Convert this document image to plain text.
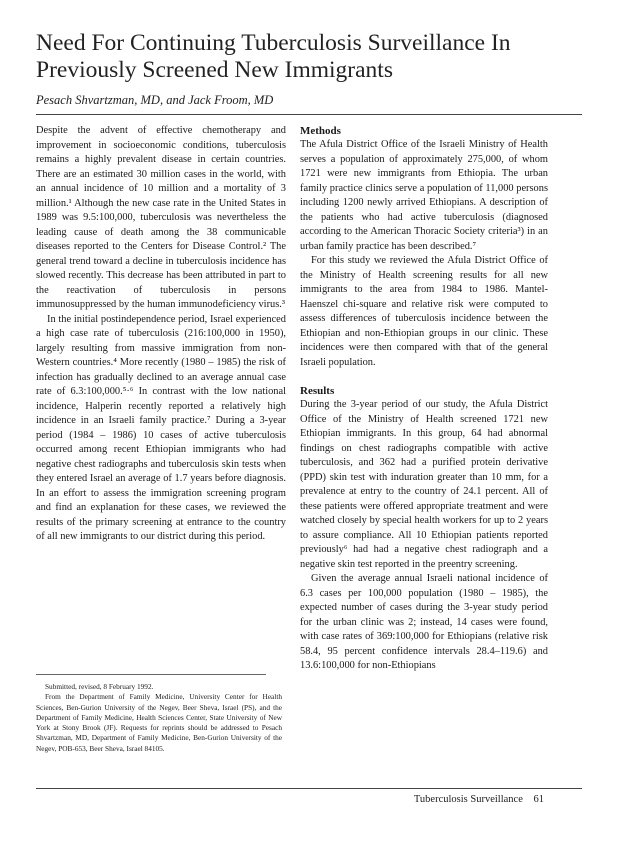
Need For Continuing Tuberculosis Surveillance In Previously Screened New Immigrants

Pesach Shvartzman, MD, and Jack Froom, MD

Despite the advent of effective chemotherapy and improvement in socioeconomic conditions, tuberculosis remains a highly prevalent disease in certain countries. There are an estimated 30 million cases in the world, with an annual incidence of 10 million and a mortality of 3 million.¹ Although the new case rate in the United States in 1989 was 9.5:100,000, tuberculosis was nevertheless the leading cause of death among the 38 communicable diseases reported to the Centers for Disease Control.² The general trend toward a decline in tuberculosis incidence has slowed recently. This decrease has been attributed in part to the reactivation of tuberculosis in persons immunosuppressed by the human immunodeficiency virus.³

In the initial postindependence period, Israel experienced a high case rate of tuberculosis (216:100,000 in 1950), largely resulting from massive immigration from non-Western countries.⁴ More recently (1980 – 1985) the risk of infection has gradually declined to an average annual case rate of 6.3:100,000.⁵·⁶ In contrast with the low national incidence, Halperin recently reported a relatively high incidence in an Israeli family practice.⁷ During a 3-year period (1984 – 1986) 10 cases of active tuberculosis occurred among recent Ethiopian immigrants who had negative chest radiographs and tuberculosis skin tests when they entered Israel an average of 1.7 years before diagnosis. In an effort to assess the immigration screening program and find an explanation for these cases, we reviewed the results of the primary screening at entrance to the country of all new immigrants to our district during this period.

Submitted, revised, 8 February 1992.

From the Department of Family Medicine, University Center for Health Sciences, Ben-Gurion University of the Negev, Beer Sheva, Israel (PS), and the Department of Family Medicine, Health Sciences Center, State University of New York at Stony Brook (JF). Requests for reprints should be addressed to Pesach Shvartzman, MD, Department of Family Medicine, Ben-Gurion University of the Negev, POB-653, Beer Sheva, Israel 84105.

Methods

The Afula District Office of the Israeli Ministry of Health serves a population of approximately 275,000, of whom 1721 were new immigrants from Ethiopia. The urban family practice clinics serve a population of 11,000 persons including 1200 newly arrived Ethiopians. A description of the patients who had active tuberculosis (diagnosed according to the American Thoracic Society criteria³) in an urban family practice has been described.⁷

For this study we reviewed the Afula District Office of the Ministry of Health screening results for all new immigrants to the area from 1984 to 1986. Mantel-Haenszel chi-square and relative risk were computed to assess differences of tuberculosis incidence between the Ethiopian and non-Ethiopian groups in our clinic. These incidences were then compared with that of the general Israeli population.

Results

During the 3-year period of our study, the Afula District Office of the Ministry of Health screened 1721 new Ethiopian immigrants. In this group, 64 had abnormal findings on chest radiographs compatible with active tuberculosis, and 362 had a purified protein derivative (PPD) skin test with induration greater than 10 mm, for a prevalence at entry to the country of 24.1 percent. All of these patients were offered appropriate treatment and were watched closely by special health workers for up to 2 years to assure compliance. All 10 Ethiopian patients reported previously⁶ had had a negative chest radiograph and a negative skin test reported in the preentry screening.

Given the average annual Israeli national incidence of 6.3 cases per 100,000 population (1980 – 1985), the expected number of cases during the 3-year study period for the urban clinic was 2; instead, 14 cases were found, with case rates of 369:100,000 for Ethiopians (relative risk 58.4, 95 percent confidence intervals 28.4–119.6) and 13.6:100,000 for non-Ethiopians

Tuberculosis Surveillance 61
